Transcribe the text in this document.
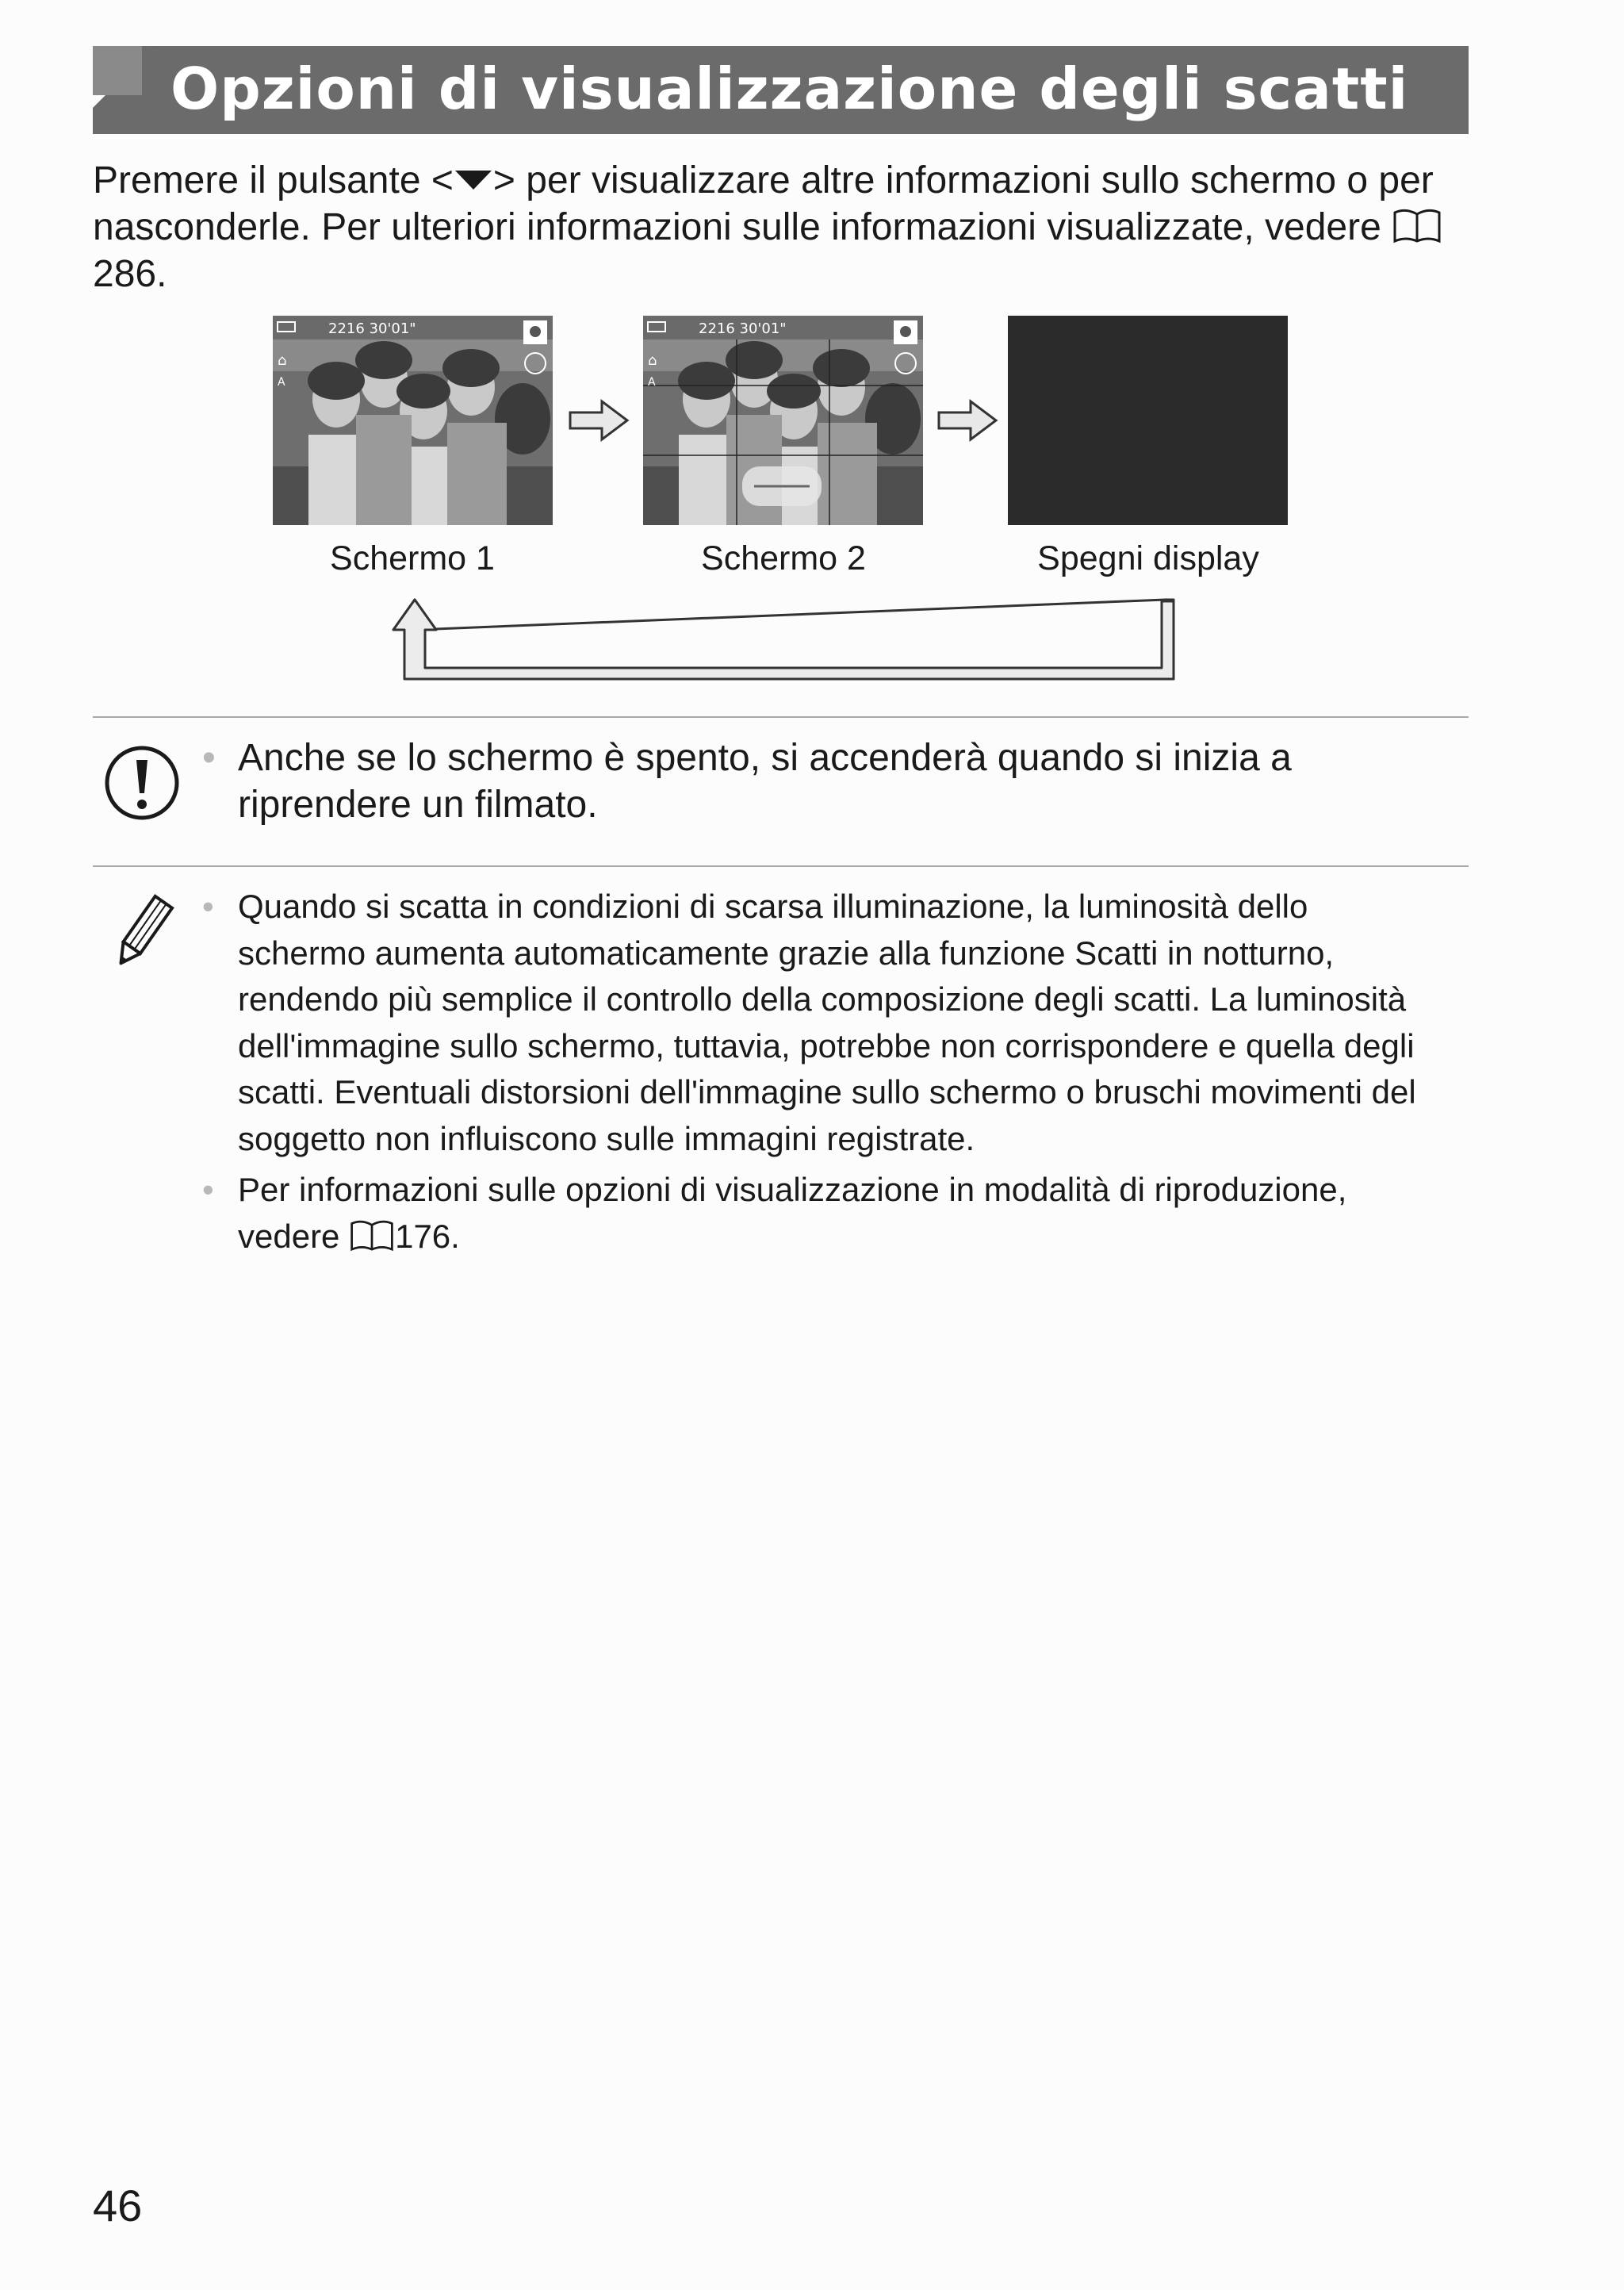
Opzioni di visualizzazione degli scatti
Premere il pulsante < > per visualizzare altre informazioni sullo schermo o per nasconderle. Per ulteriori informazioni sulle informazioni visualizzate, vedere 286.
2216 30'01"
⌂
A
2216 30'01"
⌂
A
Schermo 1	Schermo 2	Spegni display
• Anche se lo schermo è spento, si accenderà quando si inizia a riprendere un filmato.
• Quando si scatta in condizioni di scarsa illuminazione, la luminosità dello schermo aumenta automaticamente grazie alla funzione Scatti in notturno, rendendo più semplice il controllo della composizione degli scatti. La luminosità dell'immagine sullo schermo, tuttavia, potrebbe non corrispondere e quella degli scatti. Eventuali distorsioni dell'immagine sullo schermo o bruschi movimenti del soggetto non influiscono sulle immagini registrate.
• Per informazioni sulle opzioni di visualizzazione in modalità di riproduzione, vedere 176.
46
